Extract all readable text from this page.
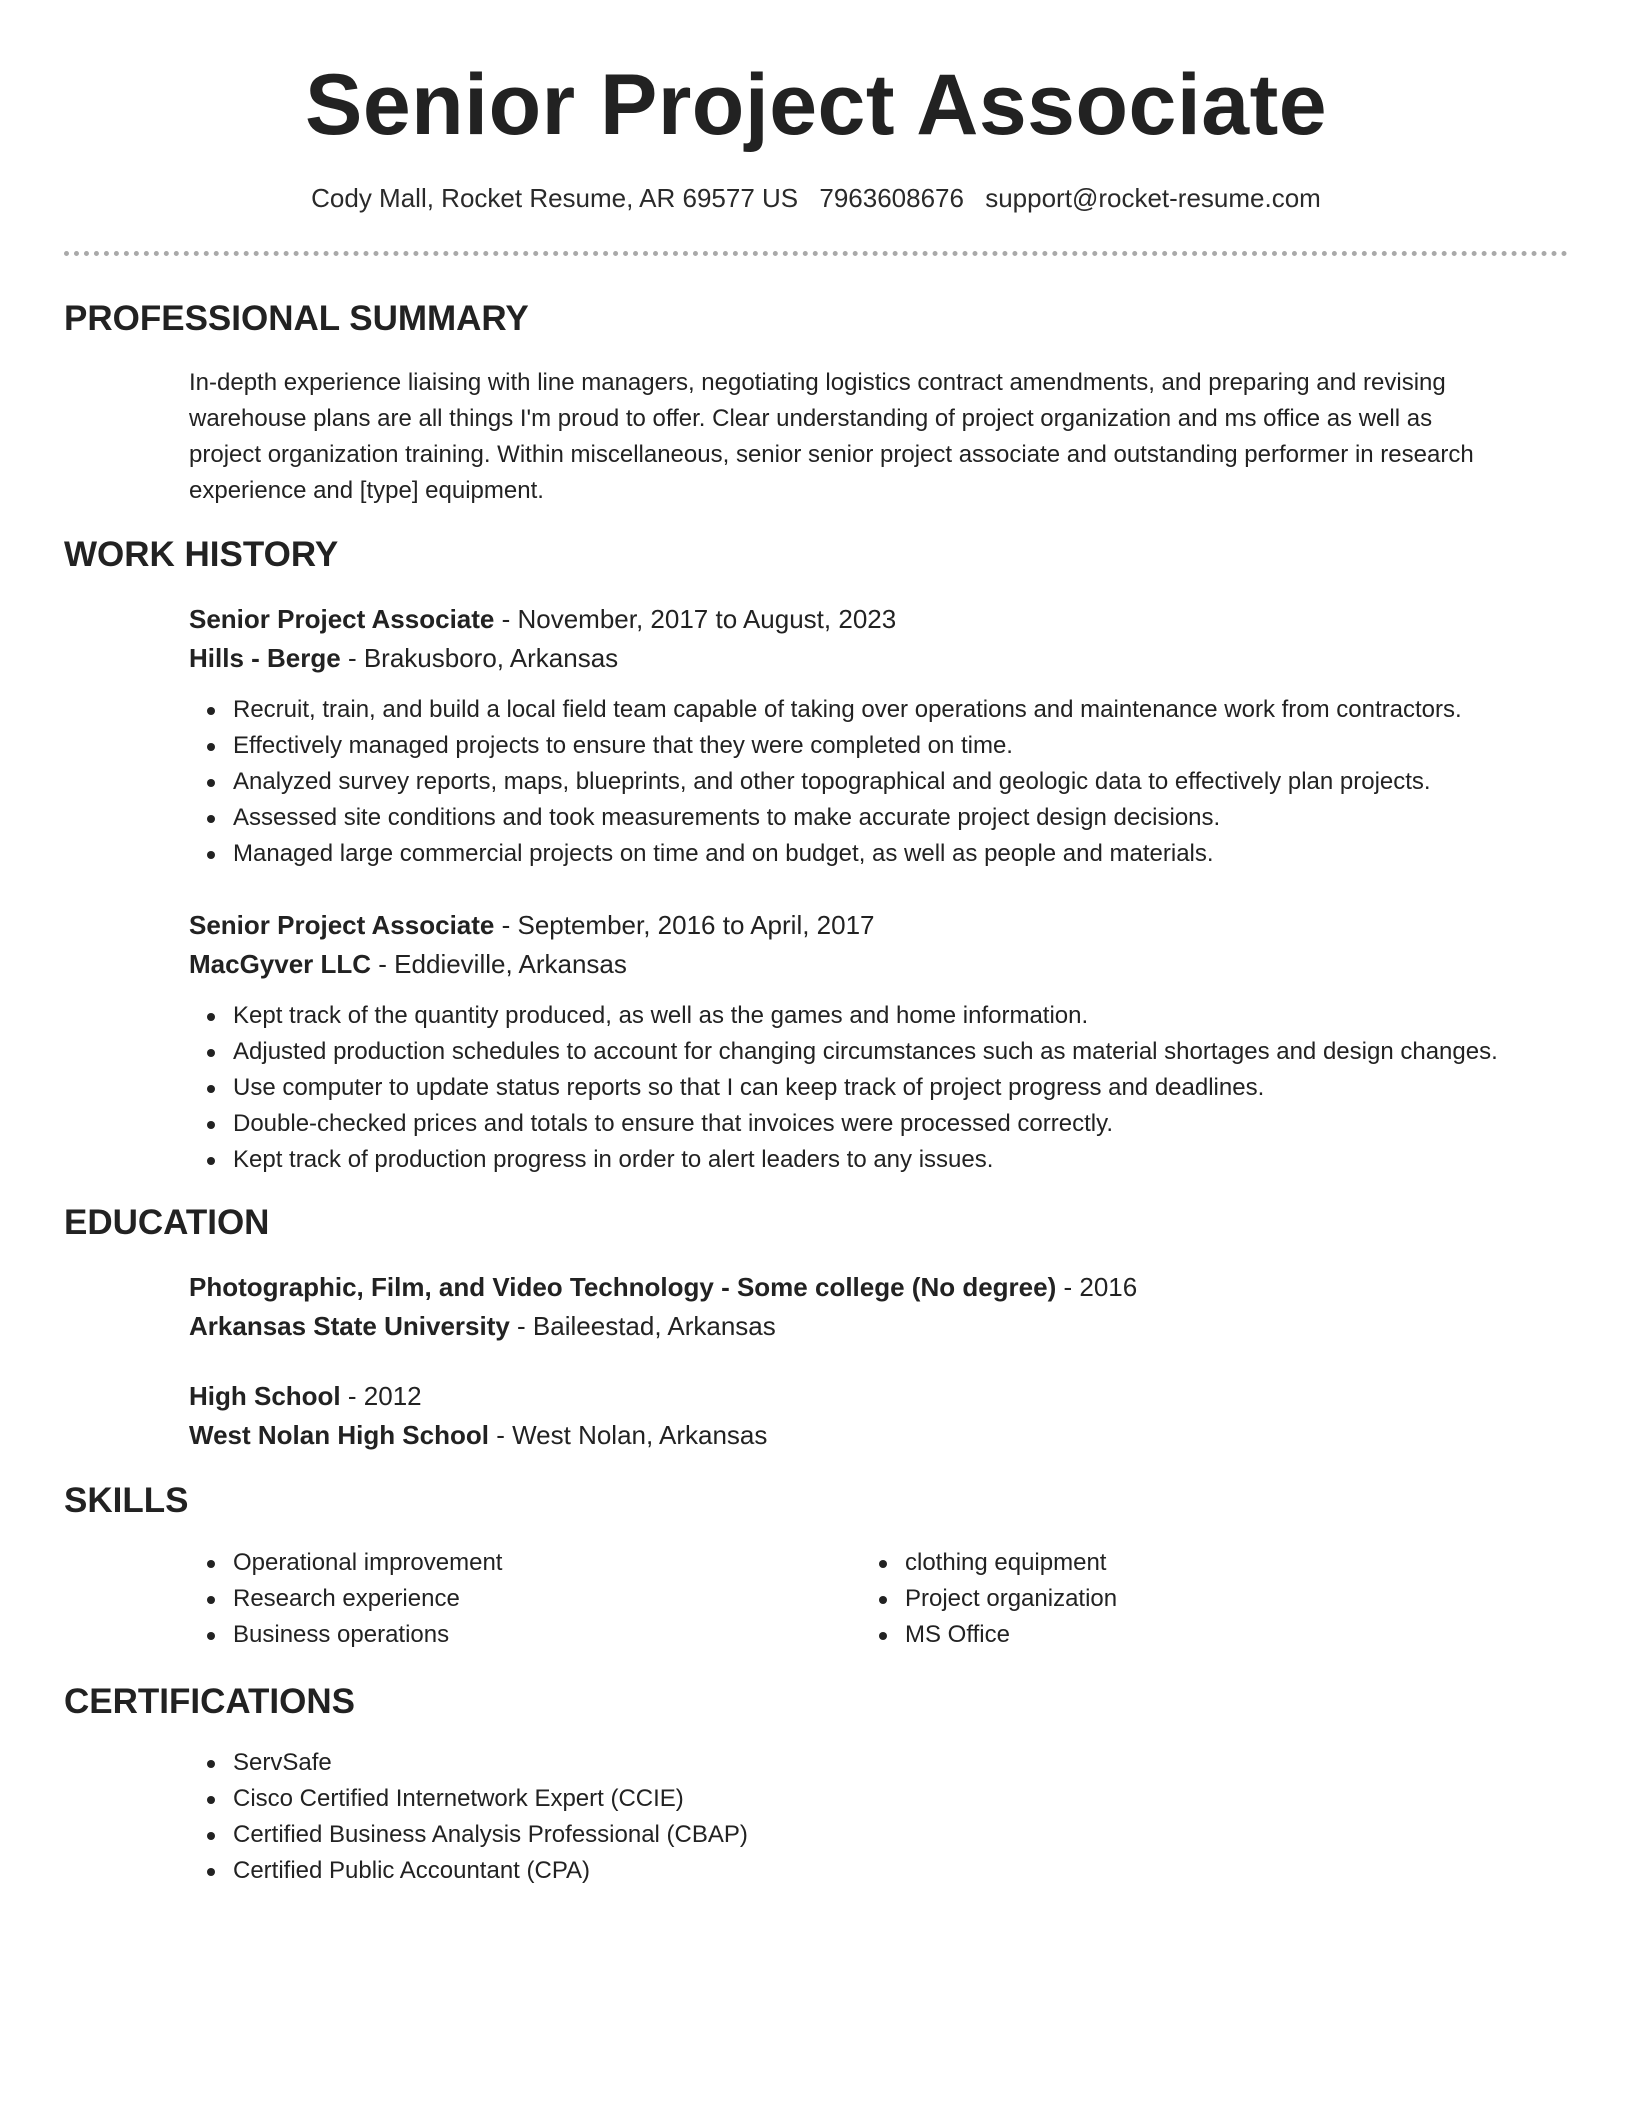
Senior Project Associate
Cody Mall, Rocket Resume, AR 69577 US 7963608676 support@rocket-resume.com
PROFESSIONAL SUMMARY
In-depth experience liaising with line managers, negotiating logistics contract amendments, and preparing and revising
warehouse plans are all things I'm proud to offer. Clear understanding of project organization and ms office as well as
project organization training. Within miscellaneous, senior senior project associate and outstanding performer in research
experience and [type] equipment.
WORK HISTORY
Senior Project Associate - November, 2017 to August, 2023
Hills - Berge - Brakusboro, Arkansas
Recruit, train, and build a local field team capable of taking over operations and maintenance work from contractors.
Effectively managed projects to ensure that they were completed on time.
Analyzed survey reports, maps, blueprints, and other topographical and geologic data to effectively plan projects.
Assessed site conditions and took measurements to make accurate project design decisions.
Managed large commercial projects on time and on budget, as well as people and materials.
Senior Project Associate - September, 2016 to April, 2017
MacGyver LLC - Eddieville, Arkansas
Kept track of the quantity produced, as well as the games and home information.
Adjusted production schedules to account for changing circumstances such as material shortages and design changes.
Use computer to update status reports so that I can keep track of project progress and deadlines.
Double-checked prices and totals to ensure that invoices were processed correctly.
Kept track of production progress in order to alert leaders to any issues.
EDUCATION
Photographic, Film, and Video Technology - Some college (No degree) - 2016
Arkansas State University - Baileestad, Arkansas
High School - 2012
West Nolan High School - West Nolan, Arkansas
SKILLS
Operational improvement
Research experience
Business operations
clothing equipment
Project organization
MS Office
CERTIFICATIONS
ServSafe
Cisco Certified Internetwork Expert (CCIE)
Certified Business Analysis Professional (CBAP)
Certified Public Accountant (CPA)
